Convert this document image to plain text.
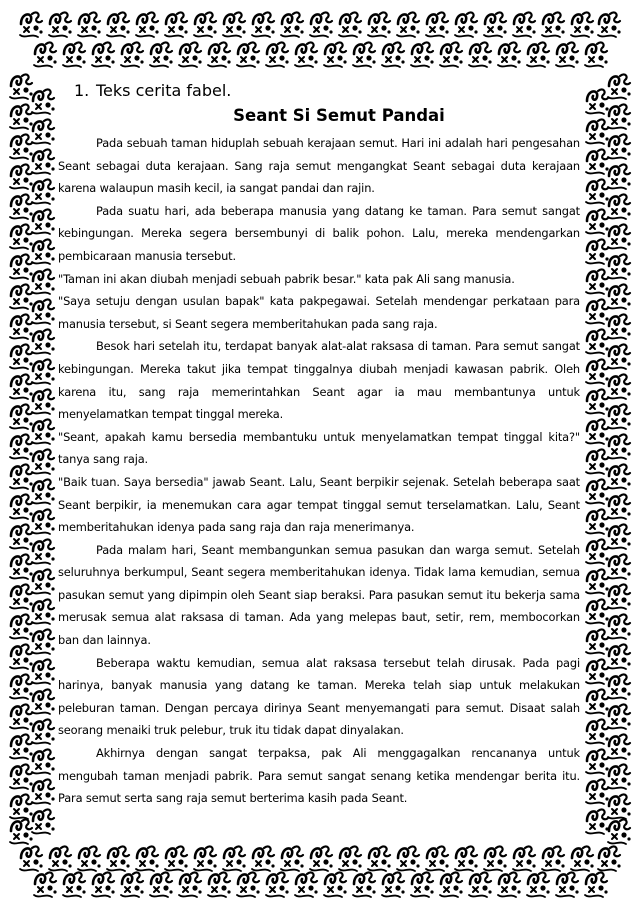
1. Teks cerita fabel.
Seant Si Semut Pandai

Pada sebuah taman hiduplah sebuah kerajaan semut. Hari ini adalah hari pengesahan Seant sebagai duta kerajaan. Sang raja semut mengangkat Seant sebagai duta kerajaan karena walaupun masih kecil, ia sangat pandai dan rajin.

Pada suatu hari, ada beberapa manusia yang datang ke taman. Para semut sangat kebingungan. Mereka segera bersembunyi di balik pohon. Lalu, mereka mendengarkan pembicaraan manusia tersebut.

"Taman ini akan diubah menjadi sebuah pabrik besar." kata pak Ali sang manusia.

"Saya setuju dengan usulan bapak" kata pakpegawai. Setelah mendengar perkataan para manusia tersebut, si Seant segera memberitahukan pada sang raja.

Besok hari setelah itu, terdapat banyak alat-alat raksasa di taman. Para semut sangat kebingungan. Mereka takut jika tempat tinggalnya diubah menjadi kawasan pabrik. Oleh karena itu, sang raja memerintahkan Seant agar ia mau membantunya untuk menyelamatkan tempat tinggal mereka.

"Seant, apakah kamu bersedia membantuku untuk menyelamatkan tempat tinggal kita?" tanya sang raja.

"Baik tuan. Saya bersedia" jawab Seant. Lalu, Seant berpikir sejenak. Setelah beberapa saat Seant berpikir, ia menemukan cara agar tempat tinggal semut terselamatkan. Lalu, Seant memberitahukan idenya pada sang raja dan raja menerimanya.

Pada malam hari, Seant membangunkan semua pasukan dan warga semut. Setelah seluruhnya berkumpul, Seant segera memberitahukan idenya. Tidak lama kemudian, semua pasukan semut yang dipimpin oleh Seant siap beraksi. Para pasukan semut itu bekerja sama merusak semua alat raksasa di taman. Ada yang melepas baut, setir, rem, membocorkan ban dan lainnya.

Beberapa waktu kemudian, semua alat raksasa tersebut telah dirusak. Pada pagi harinya, banyak manusia yang datang ke taman. Mereka telah siap untuk melakukan peleburan taman. Dengan percaya dirinya Seant menyemangati para semut. Disaat salah seorang menaiki truk pelebur, truk itu tidak dapat dinyalakan.

Akhirnya dengan sangat terpaksa, pak Ali menggagalkan rencananya untuk mengubah taman menjadi pabrik. Para semut sangat senang ketika mendengar berita itu. Para semut serta sang raja semut berterima kasih pada Seant.
